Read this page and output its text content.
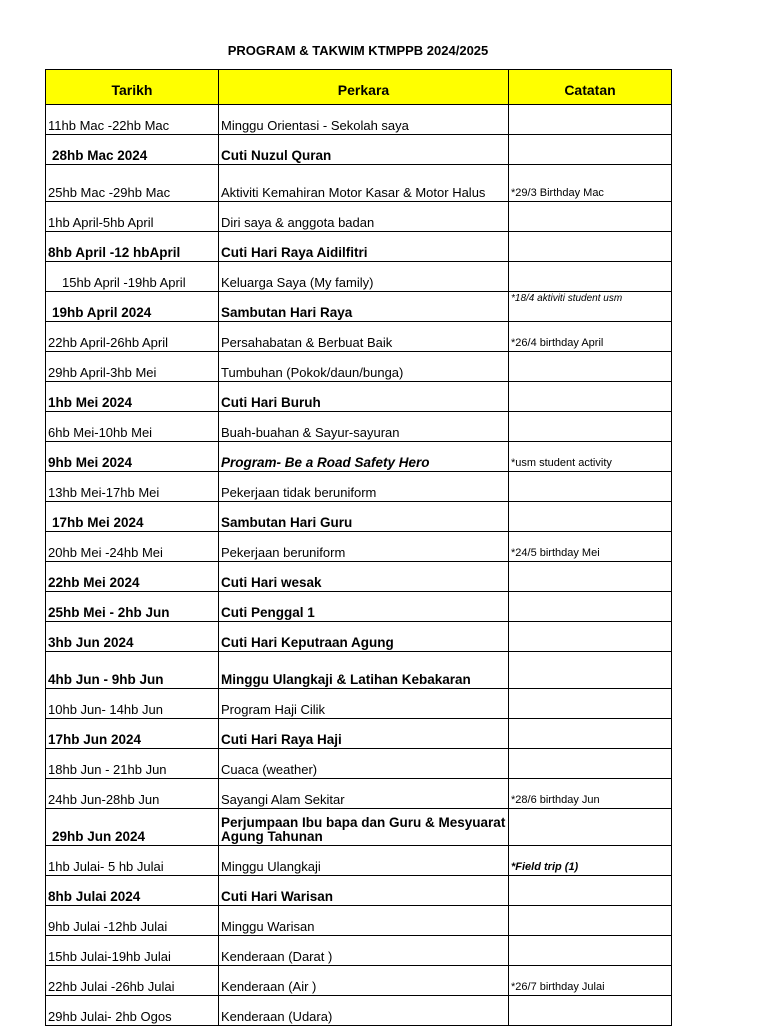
PROGRAM & TAKWIM KTMPPB 2024/2025
Tarikh	Perkara	Catatan
11hb Mac -22hb Mac	Minggu Orientasi - Sekolah saya	
28hb Mac 2024	Cuti Nuzul Quran	
25hb Mac -29hb Mac	Aktiviti Kemahiran Motor Kasar & Motor Halus	*29/3 Birthday Mac
1hb April-5hb April	Diri saya & anggota badan	
8hb April -12 hbApril	Cuti Hari Raya Aidilfitri	
15hb April -19hb April	Keluarga Saya (My family)	
19hb April 2024	Sambutan Hari Raya	*18/4 aktiviti student usm
22hb April-26hb April	Persahabatan & Berbuat Baik	*26/4 birthday April
29hb April-3hb Mei	Tumbuhan (Pokok/daun/bunga)	
1hb Mei 2024	Cuti Hari Buruh	
6hb Mei-10hb Mei	Buah-buahan & Sayur-sayuran	
9hb Mei 2024	Program- Be a Road Safety Hero	*usm student activity
13hb Mei-17hb Mei	Pekerjaan tidak beruniform	
17hb Mei 2024	Sambutan Hari Guru	
20hb Mei -24hb Mei	Pekerjaan beruniform	*24/5 birthday Mei
22hb Mei 2024	Cuti Hari wesak	
25hb Mei - 2hb Jun	Cuti Penggal 1	
3hb Jun 2024	Cuti Hari Keputraan Agung	
4hb Jun - 9hb Jun	Minggu Ulangkaji & Latihan Kebakaran	
10hb Jun- 14hb Jun	Program Haji Cilik	
17hb Jun 2024	Cuti Hari Raya Haji	
18hb Jun - 21hb Jun	Cuaca (weather)	
24hb Jun-28hb Jun	Sayangi Alam Sekitar	*28/6 birthday Jun
29hb Jun 2024	Perjumpaan Ibu bapa dan Guru & Mesyuarat Agung Tahunan	
1hb Julai- 5 hb Julai	Minggu Ulangkaji	*Field trip (1)
8hb Julai 2024	Cuti Hari Warisan	
9hb Julai -12hb Julai	Minggu Warisan	
15hb Julai-19hb Julai	Kenderaan (Darat )	
22hb Julai -26hb Julai	Kenderaan (Air )	*26/7 birthday Julai
29hb Julai- 2hb Ogos	Kenderaan (Udara)	
